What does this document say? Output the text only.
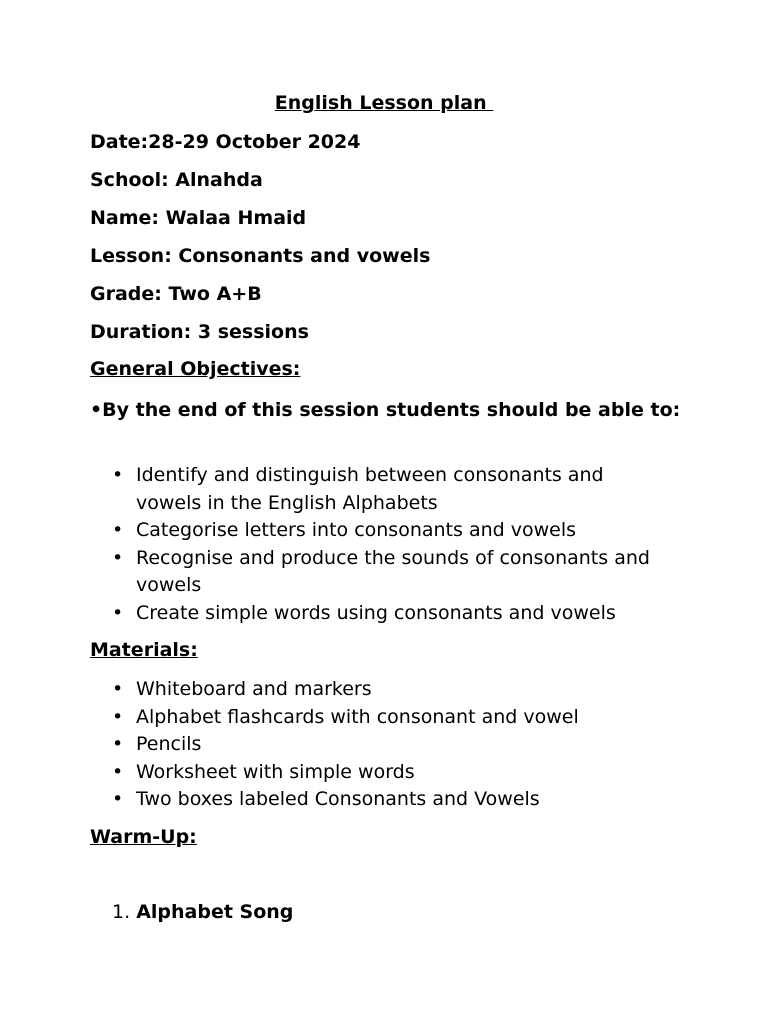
English Lesson plan
Date:28-29 October 2024
School: Alnahda
Name: Walaa Hmaid
Lesson: Consonants and vowels
Grade: Two A+B
Duration: 3 sessions
General Objectives:
•By the end of this session students should be able to:
• Identify and distinguish between consonants and vowels in the English Alphabets
• Categorise letters into consonants and vowels
• Recognise and produce the sounds of consonants and vowels
• Create simple words using consonants and vowels
Materials:
• Whiteboard and markers
• Alphabet flashcards with consonant and vowel
• Pencils
• Worksheet with simple words
• Two boxes labeled Consonants and Vowels
Warm-Up:
1. Alphabet Song
